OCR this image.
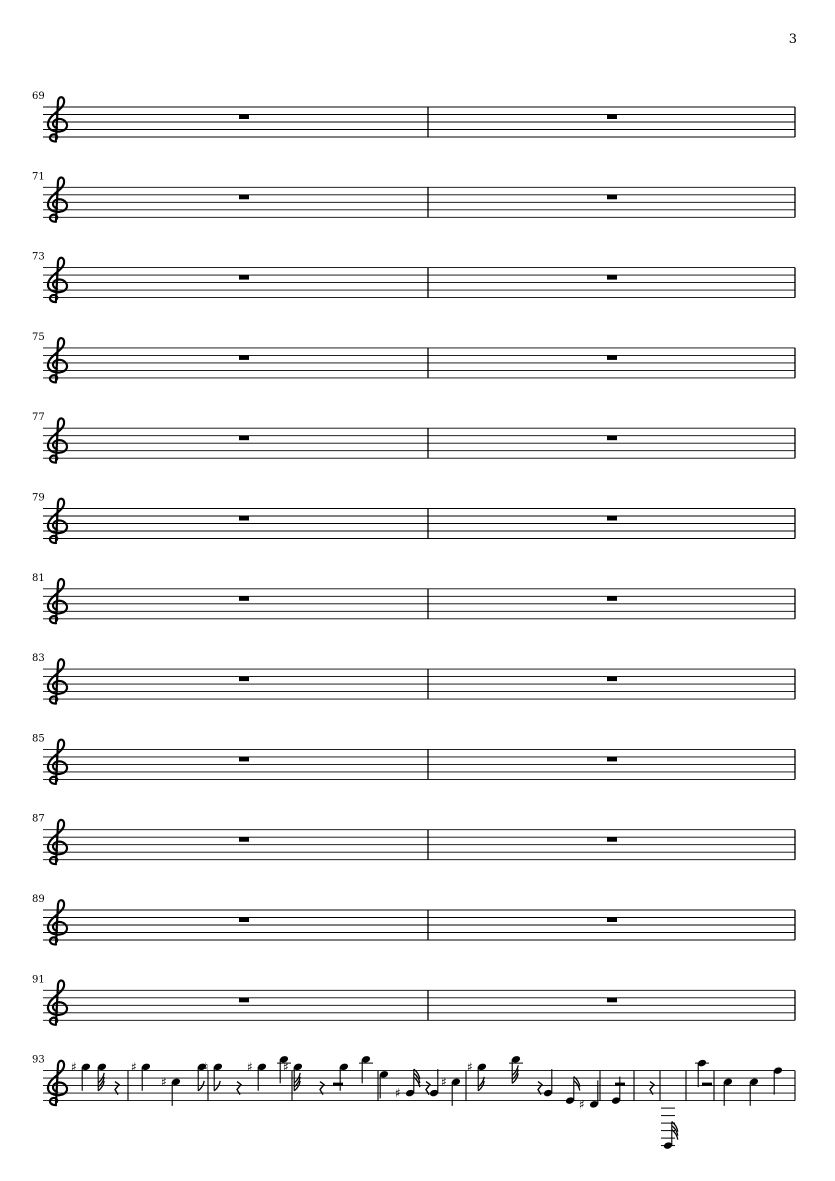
3
69
71
73
75
77
79
81
83
85
87
89
91
93 ♯	♯
♯
♮	♯	♯
♯
♯
♯
♯
